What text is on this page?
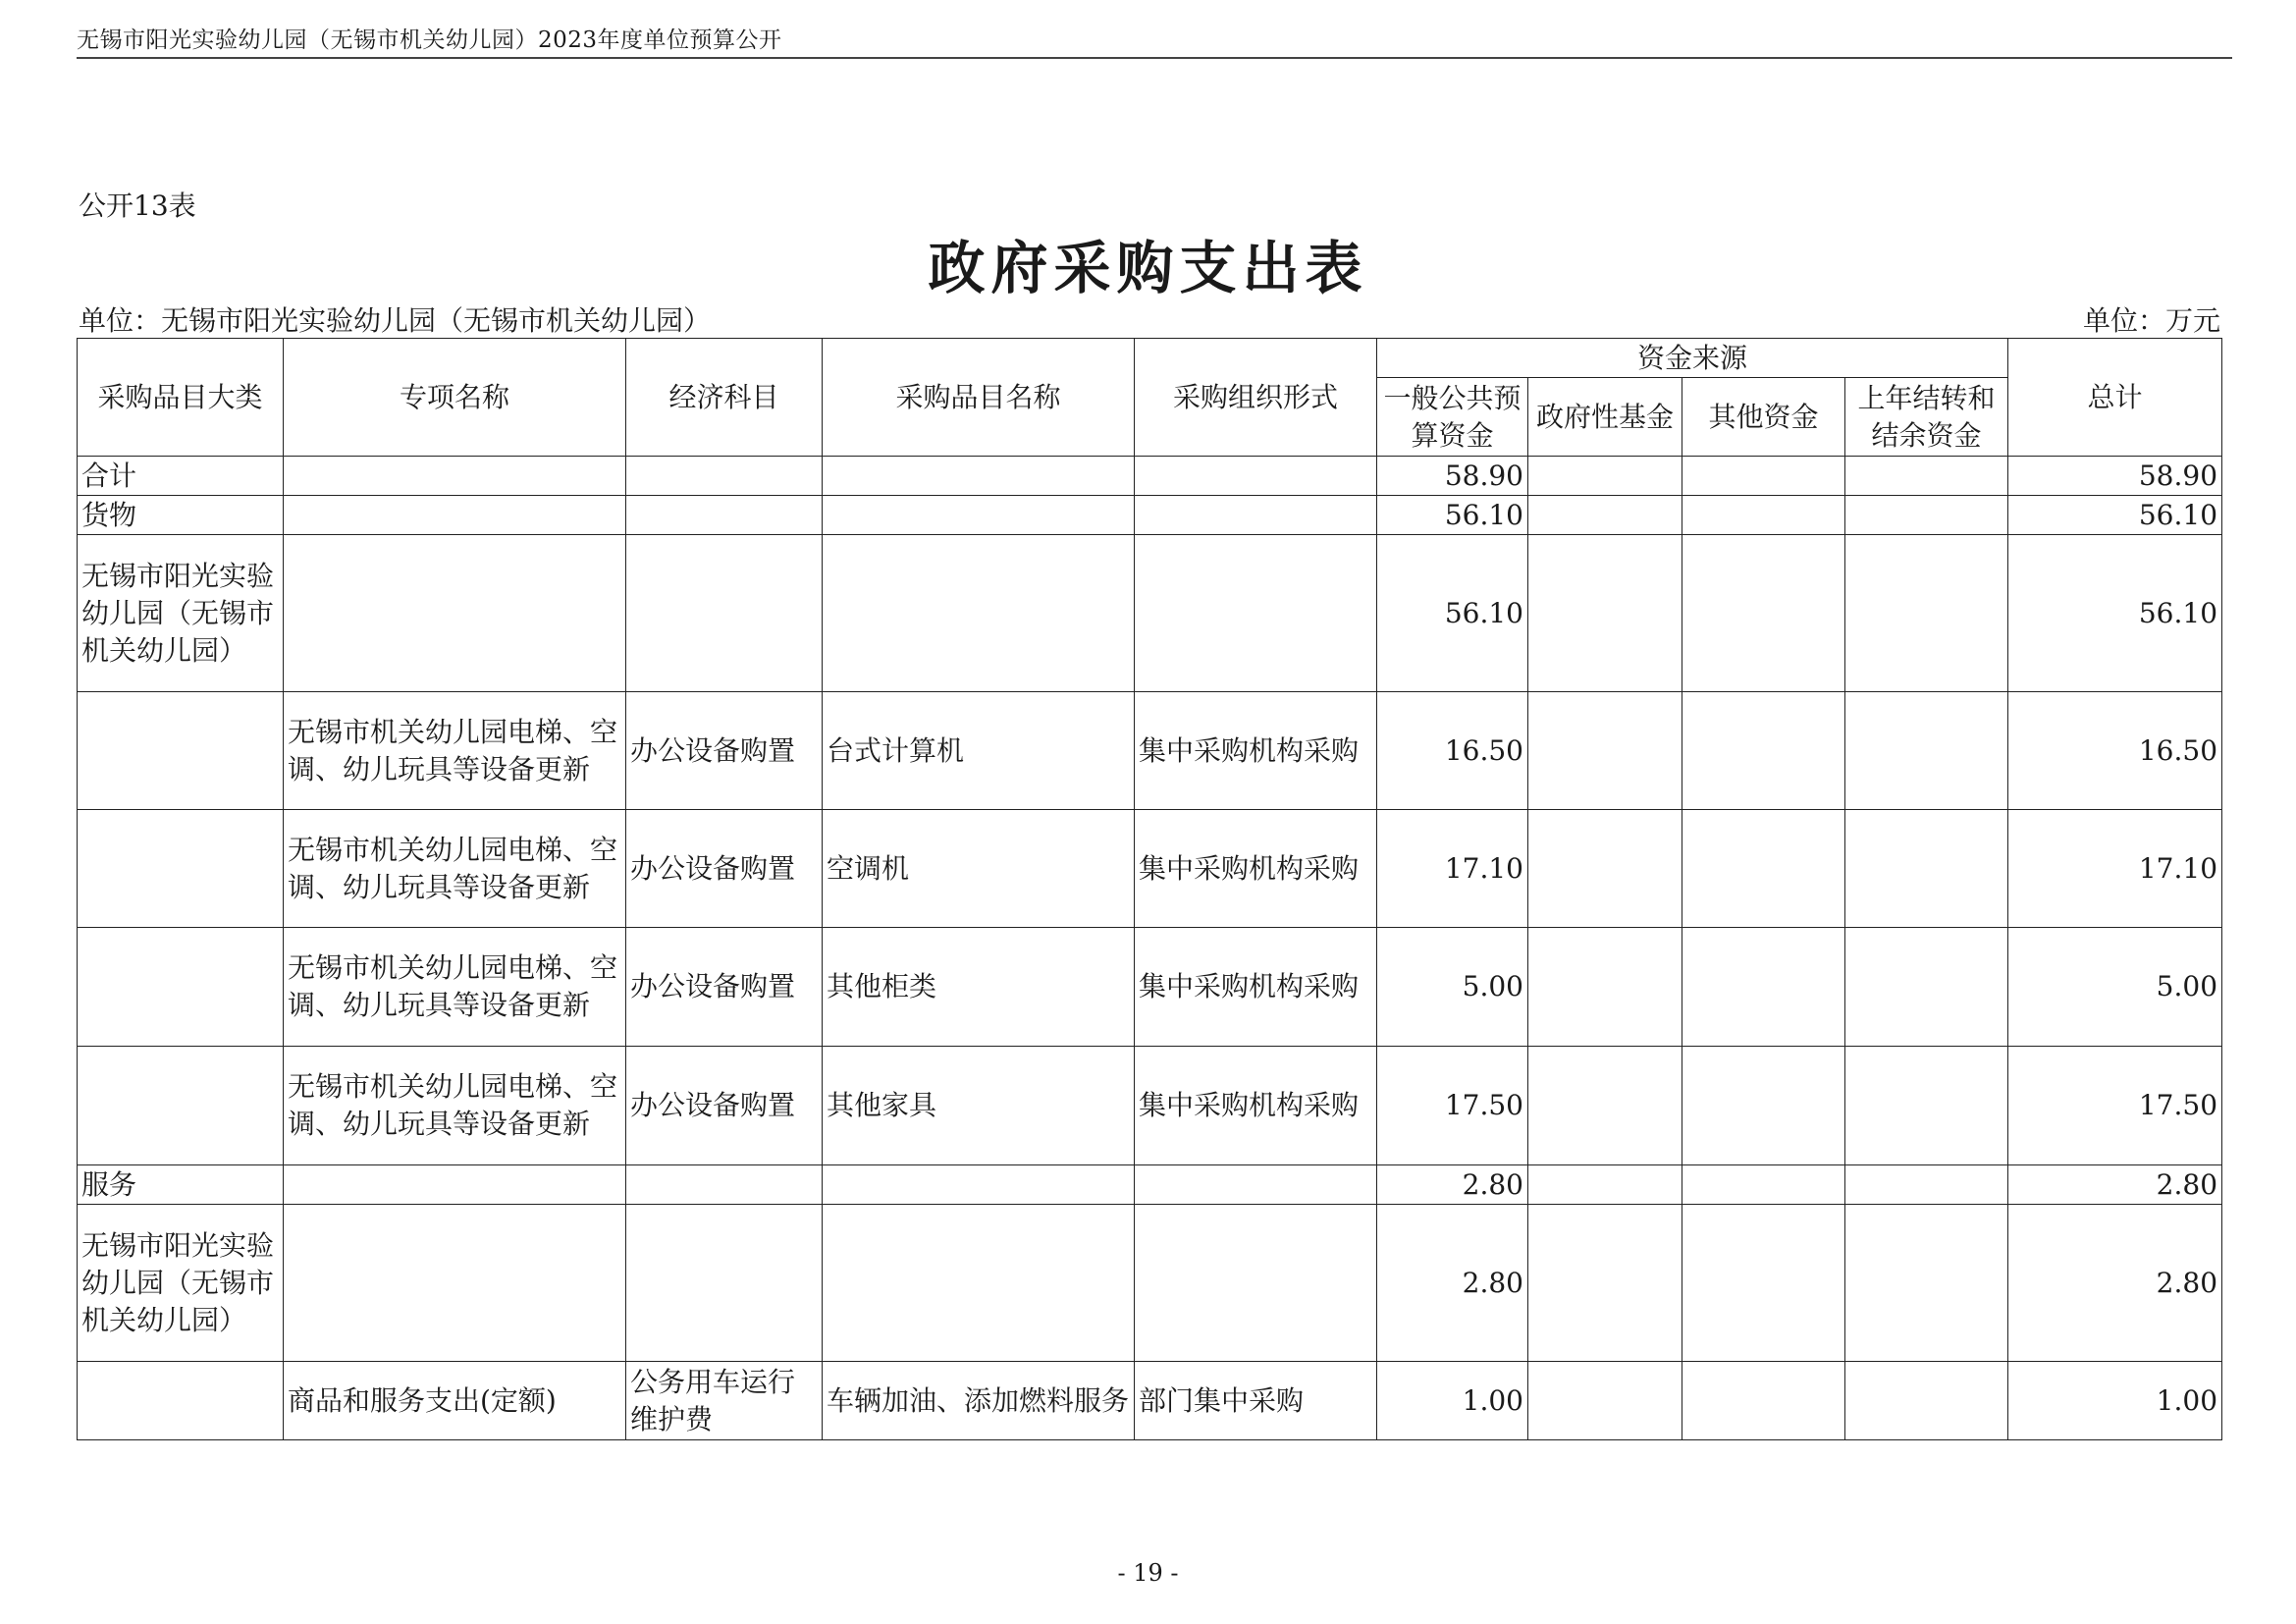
无锡市阳光实验幼儿园（无锡市机关幼儿园）2023年度单位预算公开
公开13表
政府采购支出表
单位：无锡市阳光实验幼儿园（无锡市机关幼儿园）	单位：万元
采购品目大类	专项名称	经济科目	采购品目名称	采购组织形式	资金来源				总计
					一般公共预算资金	政府性基金	其他资金	上年结转和结余资金	
合计					58.90				58.90
货物					56.10				56.10
无锡市阳光实验幼儿园（无锡市机关幼儿园）					56.10				56.10
	无锡市机关幼儿园电梯、空调、幼儿玩具等设备更新	办公设备购置	台式计算机	集中采购机构采购	16.50				16.50
	无锡市机关幼儿园电梯、空调、幼儿玩具等设备更新	办公设备购置	空调机	集中采购机构采购	17.10				17.10
	无锡市机关幼儿园电梯、空调、幼儿玩具等设备更新	办公设备购置	其他柜类	集中采购机构采购	5.00				5.00
	无锡市机关幼儿园电梯、空调、幼儿玩具等设备更新	办公设备购置	其他家具	集中采购机构采购	17.50				17.50
服务					2.80				2.80
无锡市阳光实验幼儿园（无锡市机关幼儿园）					2.80				2.80
	商品和服务支出(定额)	公务用车运行维护费	车辆加油、添加燃料服务	部门集中采购	1.00				1.00
- 19 -
